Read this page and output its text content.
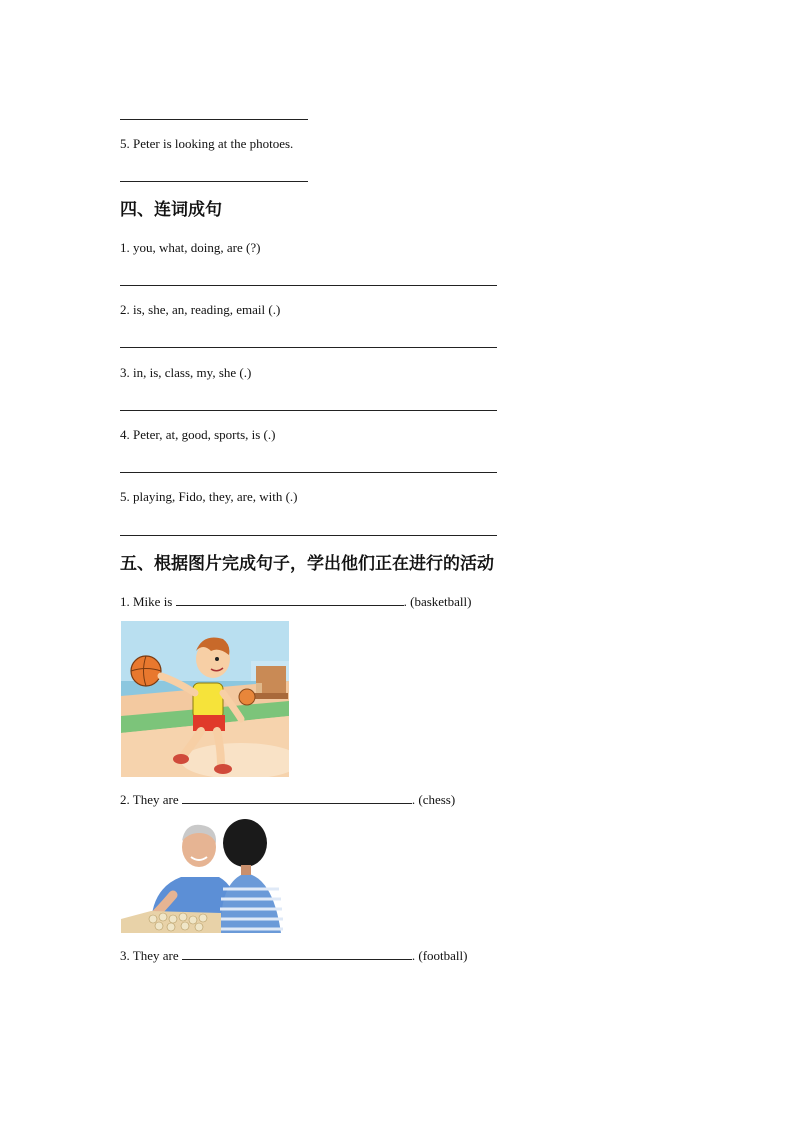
5. Peter is looking at the photoes.
四、连词成句
1. you, what, doing, are (?)
2. is, she, an, reading, email (.)
3. in, is, class, my, she (.)
4. Peter, at, good, sports, is (.)
5. playing, Fido, they, are, with (.)
五、根据图片完成句子，学出他们正在进行的活动
1. Mike is	. (basketball)
2. They are	. (chess)
3. They are	. (football)
